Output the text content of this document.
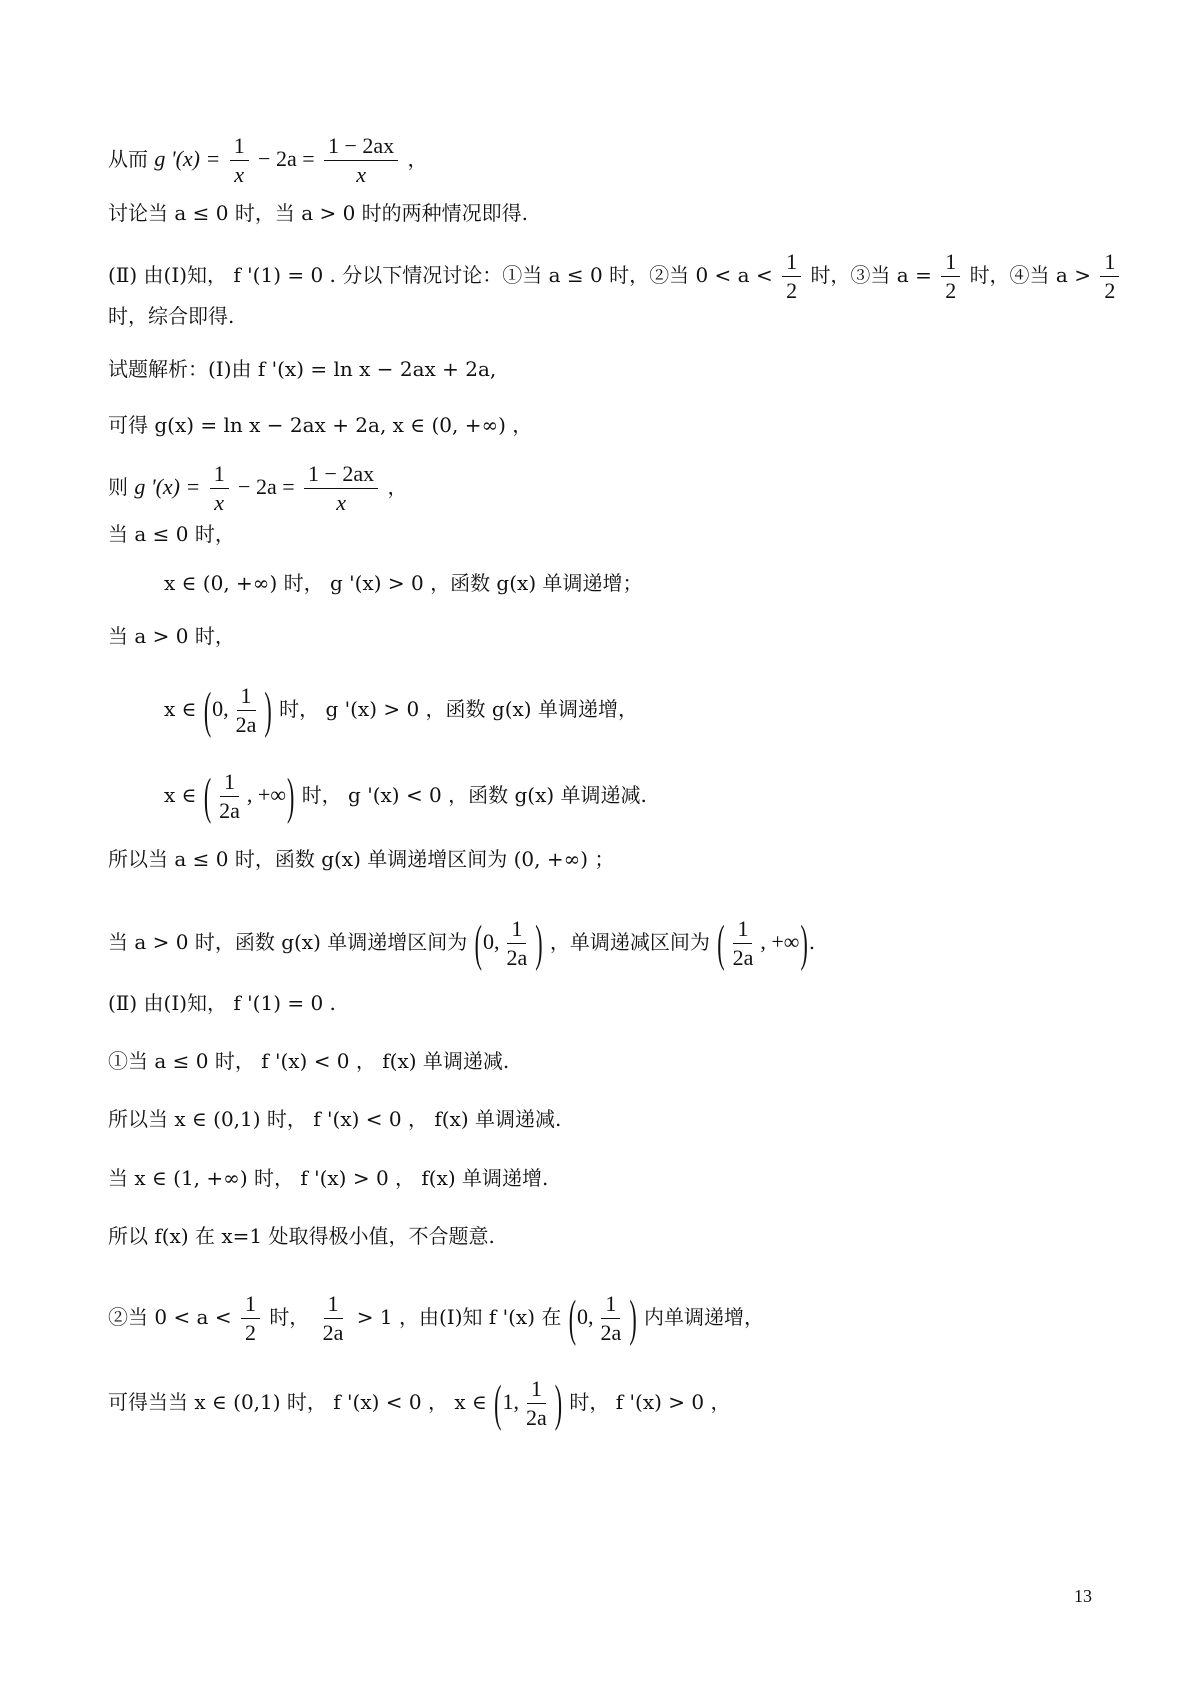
从而 g '$(x) = \frac{1}{x} - 2a = \frac{1 - 2ax}{x}$ ，
讨论当 a ≤ 0 时，当 a > 0 时的两种情况即得.
(Ⅱ) 由(Ⅰ)知， f '(1) = 0 . 分以下情况讨论：①当 a ≤ 0 时，②当 $0 < a < \frac{1}{2}$ 时，③当 $a = \frac{1}{2}$ 时，④当 $a > \frac{1}{2}$
时，综合即得.
试题解析：(Ⅰ)由 f '(x) = ln x − 2ax + 2a,
可得 g(x) = ln x − 2ax + 2a, x ∈ (0, +∞) ，
则 g '$(x) = \frac{1}{x} - 2a = \frac{1 - 2ax}{x}$ ，
当 a ≤ 0 时，
x ∈ (0, +∞) 时， g '(x) > 0 ，函数 g(x) 单调递增；
当 a > 0 时，
x ∈ (0, $\frac{1}{2a}$ ) 时， g '(x) > 0 ，函数 g(x) 单调递增，
x ∈ ( $\frac{1}{2a}$ , +∞) 时， g '(x) < 0 ，函数 g(x) 单调递减.
所以当 a ≤ 0 时，函数 g(x) 单调递增区间为 (0, +∞) ；
当 a > 0 时，函数 g(x) 单调递增区间为 (0, $\frac{1}{2a}$ ) ，单调递减区间为 ( $\frac{1}{2a}$ , +∞).
(Ⅱ) 由(Ⅰ)知， f '(1) = 0 .
①当 a ≤ 0 时， f '(x) < 0 ， f(x) 单调递减.
所以当 x ∈ (0,1) 时， f '(x) < 0 ， f(x) 单调递减.
当 x ∈ (1, +∞) 时， f '(x) > 0 ， f(x) 单调递增.
所以 f(x) 在 x=1 处取得极小值，不合题意.
②当 $0 < a < \frac{1}{2}$ 时， $\frac{1}{2a} > 1$ ，由(Ⅰ)知 f '(x) 在 (0, $\frac{1}{2a}$ ) 内单调递增，
可得当当 x ∈ (0,1) 时， f '(x) < 0 ， x ∈ (1, $\frac{1}{2a}$ ) 时， f '(x) > 0 ，
13
